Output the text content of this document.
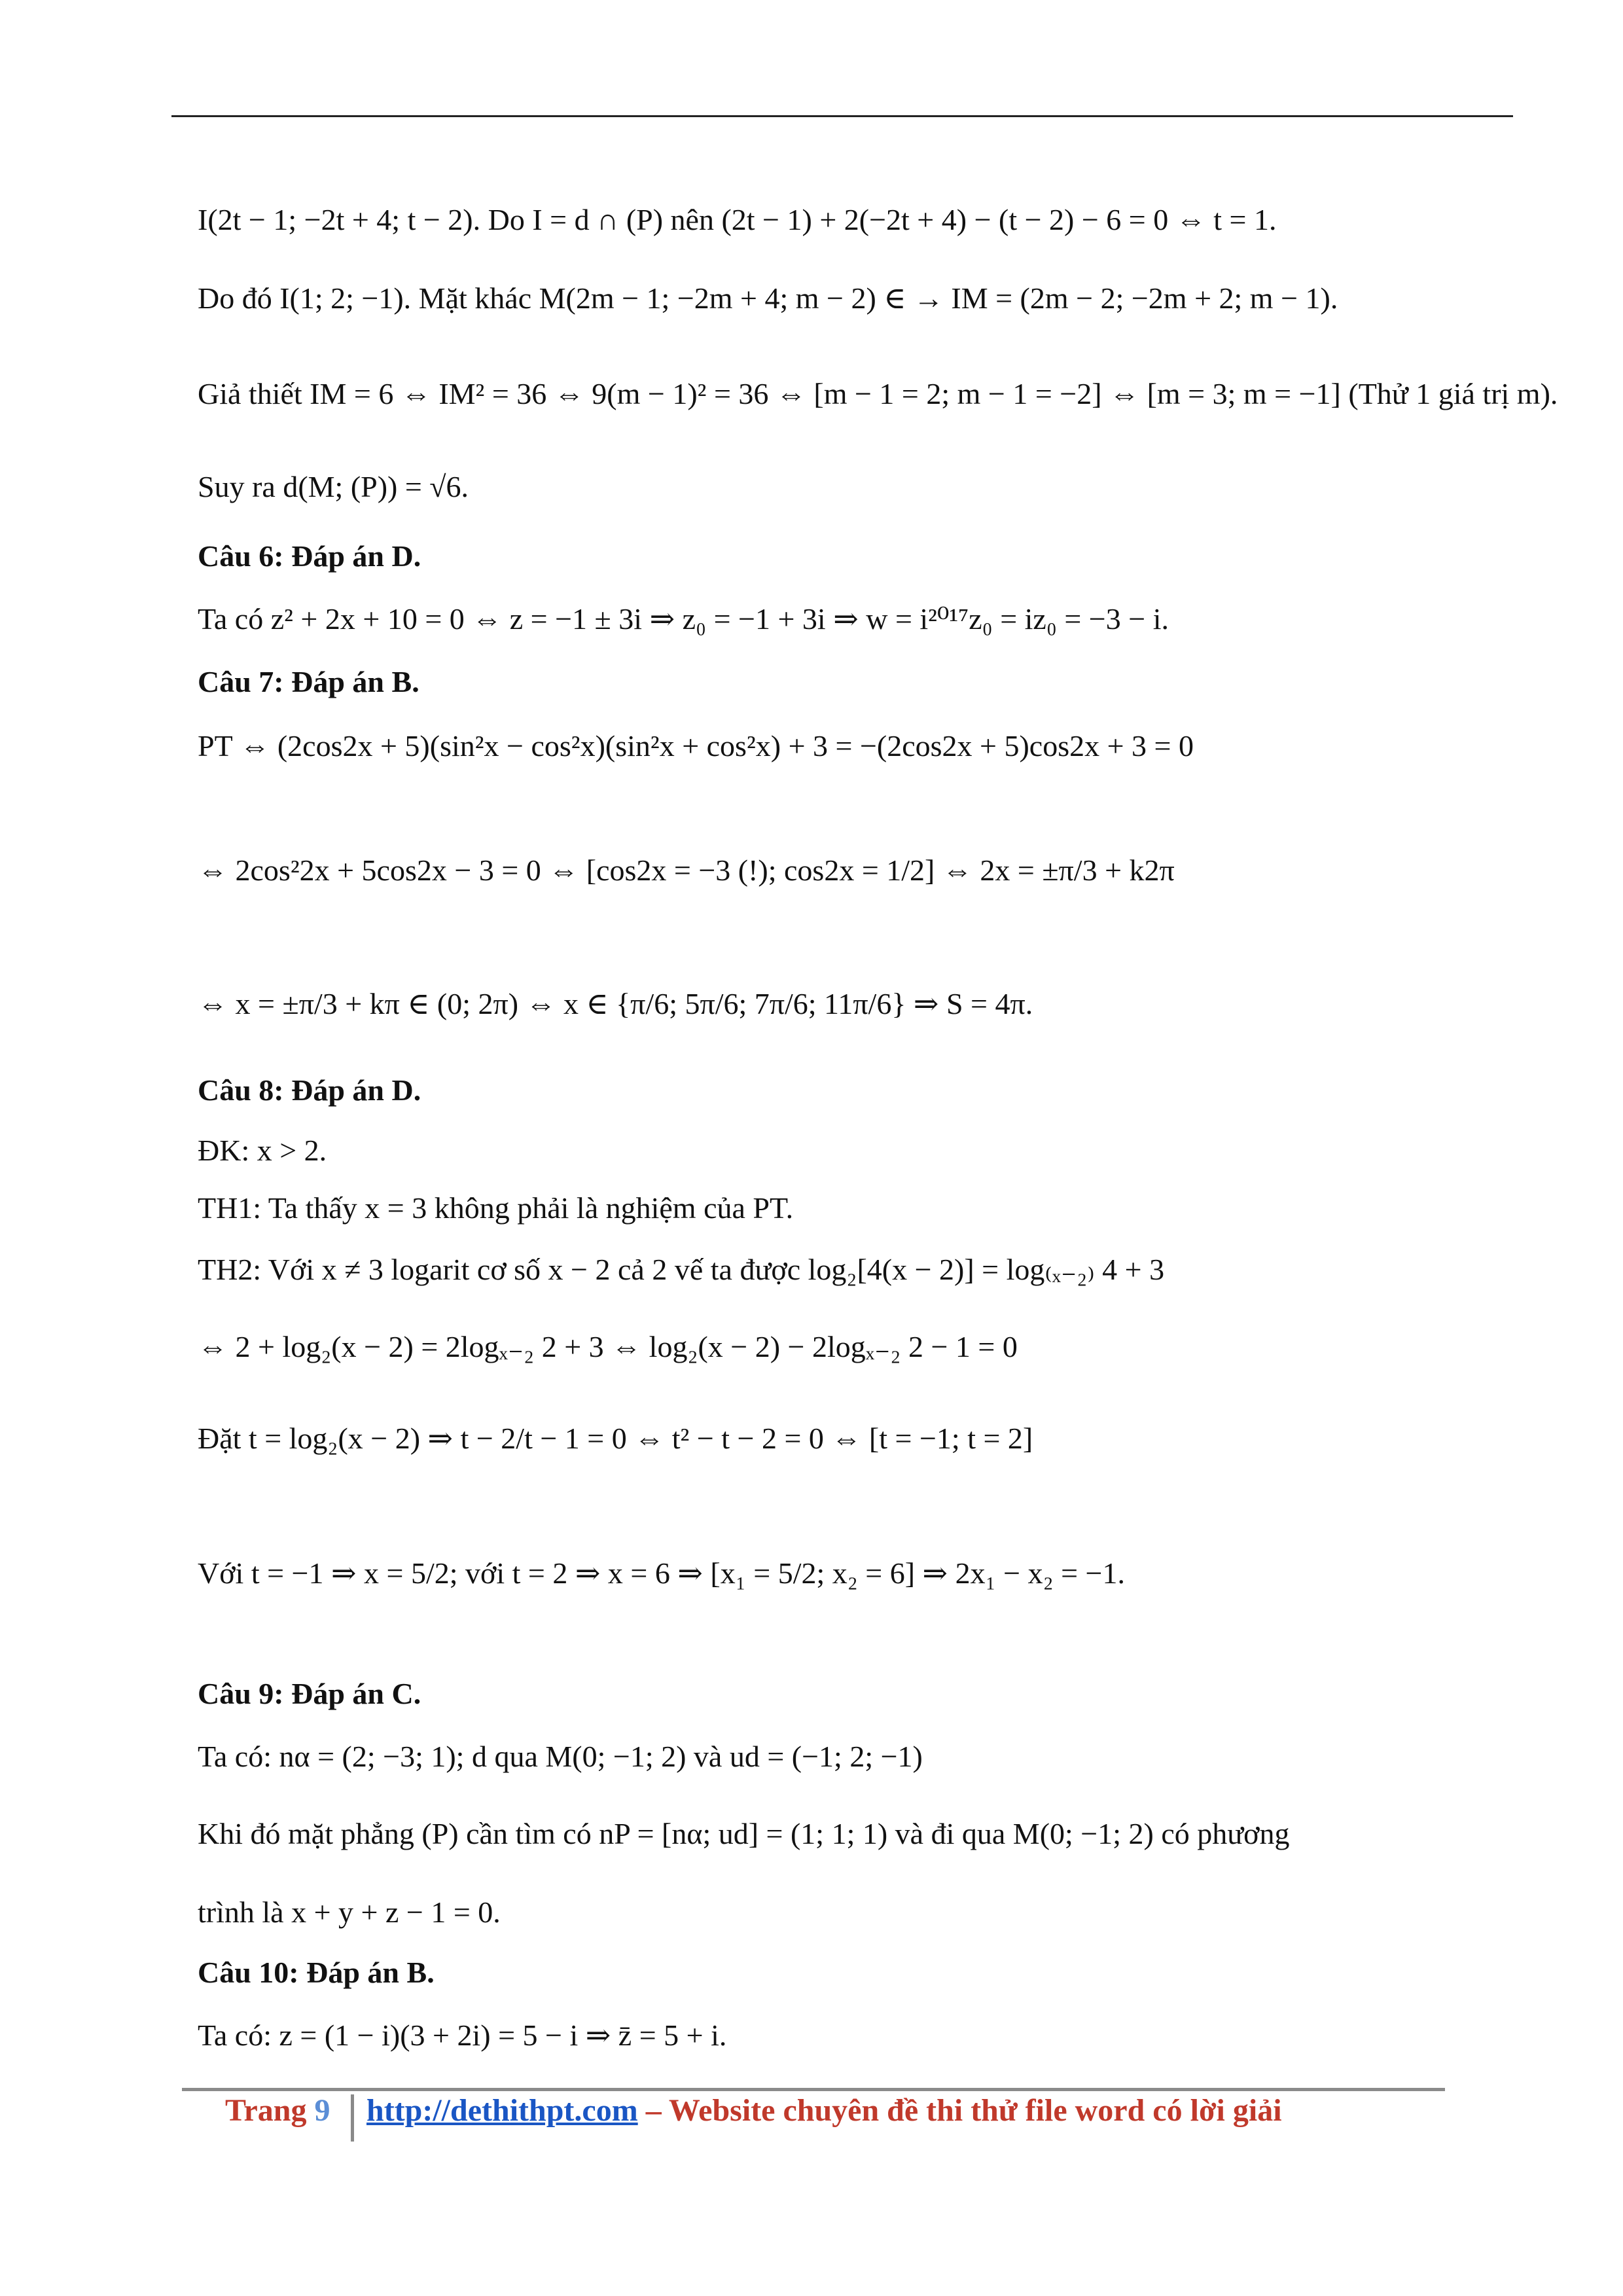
I(2t − 1; −2t + 4; t − 2). Do I = d ∩ (P) nên (2t − 1) + 2(−2t + 4) − (t − 2) − 6 = 0 ⇔ t = 1.
Do đó I(1; 2; −1). Mặt khác M(2m − 1; −2m + 4; m − 2) ∈ → IM = (2m − 2; −2m + 2; m − 1).
Giả thiết IM = 6 ⇔ IM² = 36 ⇔ 9(m − 1)² = 36 ⇔ [m − 1 = 2; m − 1 = −2] ⇔ [m = 3; m = −1] (Thử 1 giá trị m).
Suy ra d(M; (P)) = √6.
Câu 6: Đáp án D.
Ta có z² + 2x + 10 = 0 ⇔ z = −1 ± 3i ⇒ z₀ = −1 + 3i ⇒ w = i²⁰¹⁷z₀ = iz₀ = −3 − i.
Câu 7: Đáp án B.
PT ⇔ (2cos2x + 5)(sin²x − cos²x)(sin²x + cos²x) + 3 = −(2cos2x + 5)cos2x + 3 = 0
⇔ 2cos²2x + 5cos2x − 3 = 0 ⇔ [cos2x = −3 (!); cos2x = 1/2] ⇔ 2x = ±π/3 + k2π
⇔ x = ±π/3 + kπ ∈ (0; 2π) ⇔ x ∈ {π/6; 5π/6; 7π/6; 11π/6} ⇒ S = 4π.
Câu 8: Đáp án D.
ĐK: x > 2.
TH1: Ta thấy x = 3 không phải là nghiệm của PT.
TH2: Với x ≠ 3 logarit cơ số x − 2 cả 2 vế ta được log₂[4(x − 2)] = log₍ₓ₋₂₎ 4 + 3
⇔ 2 + log₂(x − 2) = 2logₓ₋₂ 2 + 3 ⇔ log₂(x − 2) − 2logₓ₋₂ 2 − 1 = 0
Đặt t = log₂(x − 2) ⇒ t − 2/t − 1 = 0 ⇔ t² − t − 2 = 0 ⇔ [t = −1; t = 2]
Với t = −1 ⇒ x = 5/2; với t = 2 ⇒ x = 6 ⇒ [x₁ = 5/2; x₂ = 6] ⇒ 2x₁ − x₂ = −1.
Câu 9: Đáp án C.
Ta có: nα = (2; −3; 1); d qua M(0; −1; 2) và ud = (−1; 2; −1)
Khi đó mặt phẳng (P) cần tìm có nP = [nα; ud] = (1; 1; 1) và đi qua M(0; −1; 2) có phương
trình là x + y + z − 1 = 0.
Câu 10: Đáp án B.
Ta có: z = (1 − i)(3 + 2i) = 5 − i ⇒ z̄ = 5 + i.
Trang 9 http://dethithpt.com – Website chuyên đề thi thử file word có lời giải
